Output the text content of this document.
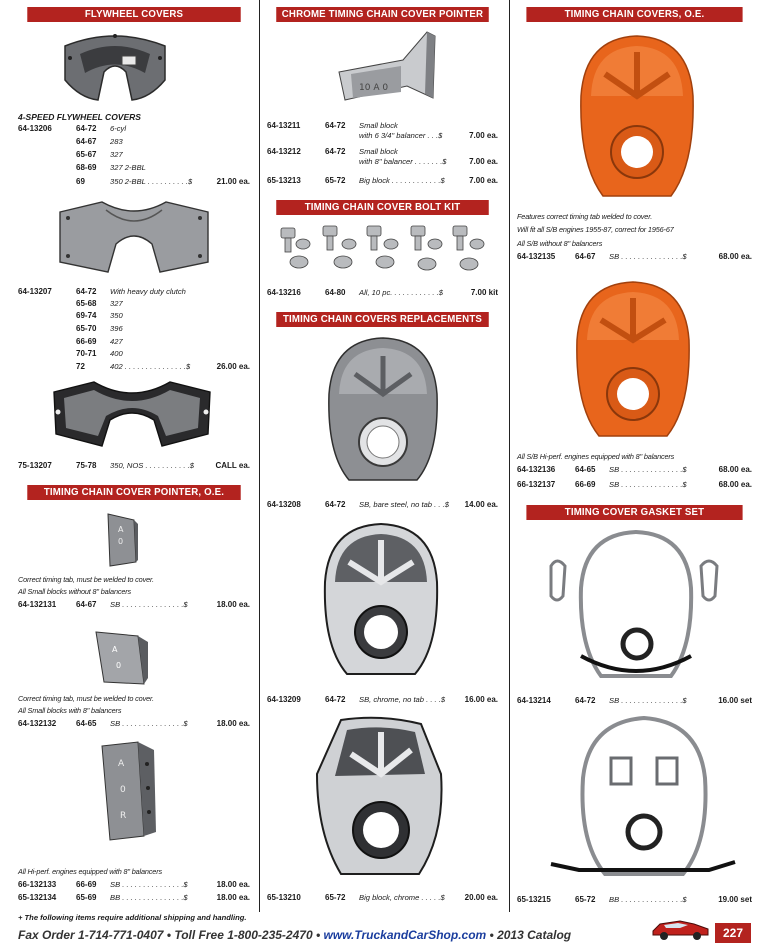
FLYWHEEL COVERS
4-SPEED FLYWHEEL COVERS
64-13206	64-72 6-cyl
64-67 283
65-67 327
68-69 327 2-BBL
69	350 2-BBL . . . . . . . . . .$	21.00 ea.
64-13207	64-72 With heavy duty clutch
65-68 327
69-74 350
65-70 396
66-69 427
70-71 400
72	402 . . . . . . . . . . . . . . .$	26.00 ea.
75-13207	75-78 350, NOS . . . . . . . . . . .$	CALL ea.
TIMING CHAIN COVER POINTER, O.E.
A
0
Correct timing tab, must be welded to cover.
All Small blocks without 8" balancers
64-132131 64-67 SB . . . . . . . . . . . . . . .$	18.00 ea.
A
0
Correct timing tab, must be welded to cover.
All Small blocks with 8" balancers
64-132132 64-65 SB . . . . . . . . . . . . . . .$	18.00 ea.
A
0
R
All Hi-perf. engines equipped with 8" balancers
66-132133 66-69 SB . . . . . . . . . . . . . . .$	18.00 ea.
65-132134 65-69 BB . . . . . . . . . . . . . . .$	18.00 ea.
CHROME TIMING CHAIN COVER POINTER
10 A 0
64-13211	64-72 Small block
with 6 3/4" balancer . . .$	7.00 ea.
64-13212	64-72 Small block
with 8" balancer . . . . . . .$	7.00 ea.
65-13213	65-72 Big block . . . . . . . . . . . .$	7.00 ea.
TIMING CHAIN COVER BOLT KIT
64-13216	64-80 All, 10 pc. . . . . . . . . . . .$	7.00 kit
TIMING CHAIN COVERS REPLACEMENTS
64-13208	64-72 SB, bare steel, no tab . . .$ 14.00 ea.
64-13209	64-72 SB, chrome, no tab . . . .$ 16.00 ea.
65-13210	65-72 Big block, chrome . . . . .$ 20.00 ea.
TIMING CHAIN COVERS, O.E.
Features correct timing tab welded to cover.
Will fit all S/B engines 1955-87, correct for 1956-67
All S/B without 8" balancers
64-132135 64-67 SB . . . . . . . . . . . . . . .$	68.00 ea.
All S/B Hi-perf. engines equipped with 8" balancers
64-132136 64-65 SB . . . . . . . . . . . . . . .$	68.00 ea.
66-132137 66-69 SB . . . . . . . . . . . . . . .$	68.00 ea.
TIMING COVER GASKET SET
64-13214	64-72 SB . . . . . . . . . . . . . . .$	16.00 set
65-13215	65-72 BB . . . . . . . . . . . . . . .$	19.00 set
+ The following items require additional shipping and handling.
Fax Order 1-714-771-0407 • Toll Free 1-800-235-2470 • www.TruckandCarShop.com • 2013 Catalog	227
